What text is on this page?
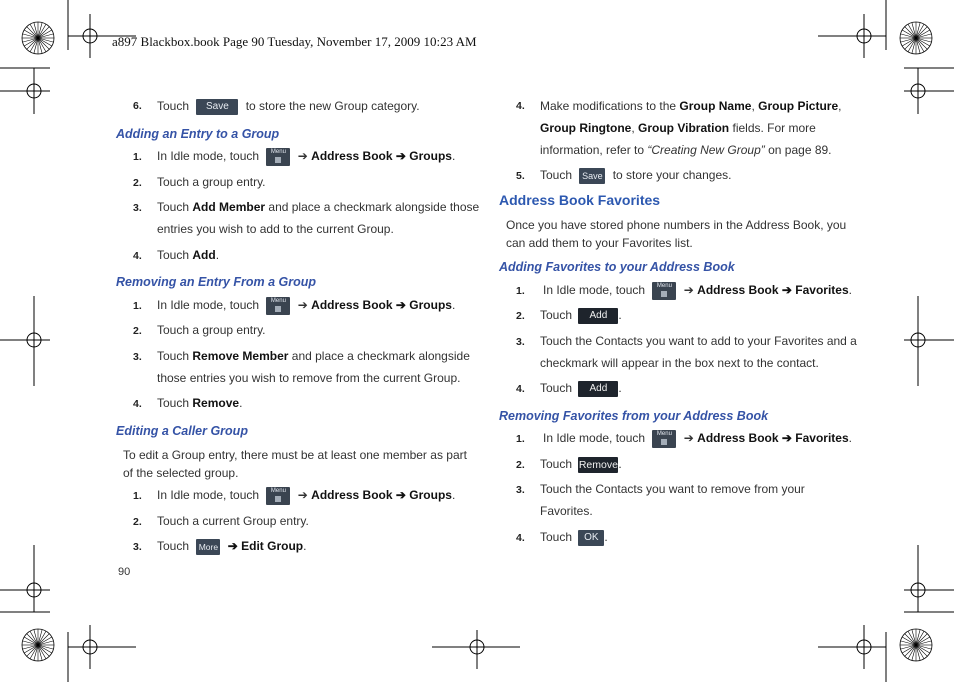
a897 Blackbox.book Page 90 Tuesday, November 17, 2009 10:23 AM
6. Touch Save to store the new Group category.
Adding an Entry to a Group
1. In Idle mode, touch	Menu ➔ Address Book ➔ Groups.
2. Touch a group entry.
3. Touch Add Member and place a checkmark alongside those
entries you wish to add to the current Group.
4. Touch Add.
Removing an Entry From a Group
1. In Idle mode, touch	Menu ➔ Address Book ➔ Groups.
2. Touch a group entry.
3. Touch Remove Member and place a checkmark alongside
those entries you wish to remove from the current Group.
4. Touch Remove.
Editing a Caller Group
To edit a Group entry, there must be at least one member as part
of the selected group.
1. In Idle mode, touch	Menu ➔ Address Book ➔ Groups.
2. Touch a current Group entry.
3. Touch More ➔ Edit Group.
90
4. Make modifications to the Group Name, Group Picture,
Group Ringtone, Group Vibration fields. For more
information, refer to “Creating New Group” on page 89.
5. Touch Save to store your changes.
Address Book Favorites
Once you have stored phone numbers in the Address Book, you
can add them to your Favorites list.
Adding Favorites to your Address Book
1. In Idle mode, touch	Menu ➔ Address Book ➔ Favorites.
2. Touch Add .
3. Touch the Contacts you want to add to your Favorites and a
checkmark will appear in the box next to the contact.
4. Touch Add .
Removing Favorites from your Address Book
1. In Idle mode, touch	Menu ➔ Address Book ➔ Favorites.
2. Touch Remove.
3. Touch the Contacts you want to remove from your
Favorites.
4. Touch OK .
